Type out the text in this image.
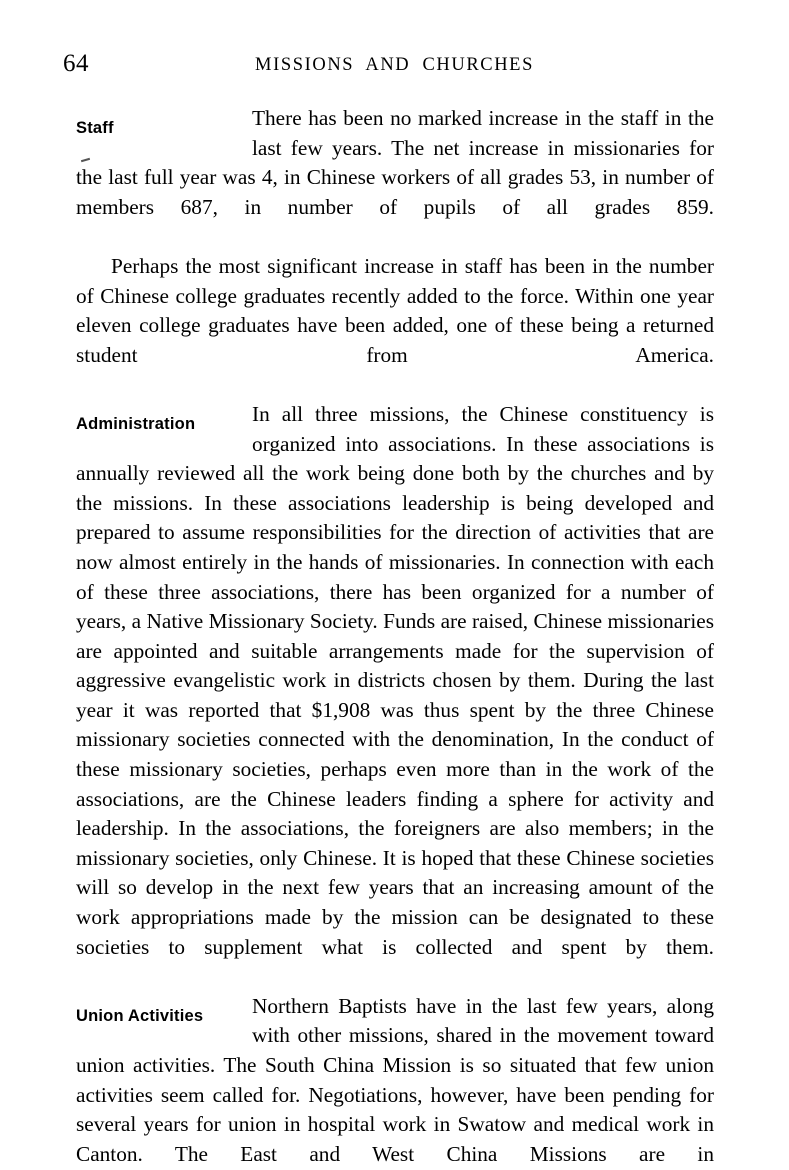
64	MISSIONS AND CHURCHES

Staff	There has been no marked increase in the staff in the last few years. The net increase in missionaries for the last full year was 4, in Chinese workers of all grades 53, in number of members 687, in number of pupils of all grades 859.

Perhaps the most significant increase in staff has been in the number of Chinese college graduates recently added to the force. Within one year eleven college graduates have been added, one of these being a returned student from America.

Administration	In all three missions, the Chinese constituency is organized into associations. In these associations is annually reviewed all the work being done both by the churches and by the missions. In these associations leadership is being developed and prepared to assume responsibilities for the direction of activities that are now almost entirely in the hands of missionaries. In connection with each of these three associations, there has been organized for a number of years, a Native Missionary Society. Funds are raised, Chinese missionaries are appointed and suitable arrangements made for the supervision of aggressive evangelistic work in districts chosen by them. During the last year it was reported that $1,908 was thus spent by the three Chinese missionary societies connected with the denomination, In the conduct of these missionary societies, perhaps even more than in the work of the associations, are the Chinese leaders finding a sphere for activity and leadership. In the associations, the foreigners are also members; in the missionary societies, only Chinese. It is hoped that these Chinese societies will so develop in the next few years that an increasing amount of the work appropriations made by the mission can be designated to these societies to supplement what is collected and spent by them.

Union Activities	Northern Baptists have in the last few years, along with other missions, shared in the movement toward union activities. The South China Mission is so situated that few union activities seem called for. Negotiations, however, have been pending for several years for union in hospital work in Swatow and medical work in Canton. The East and West China Missions are in
